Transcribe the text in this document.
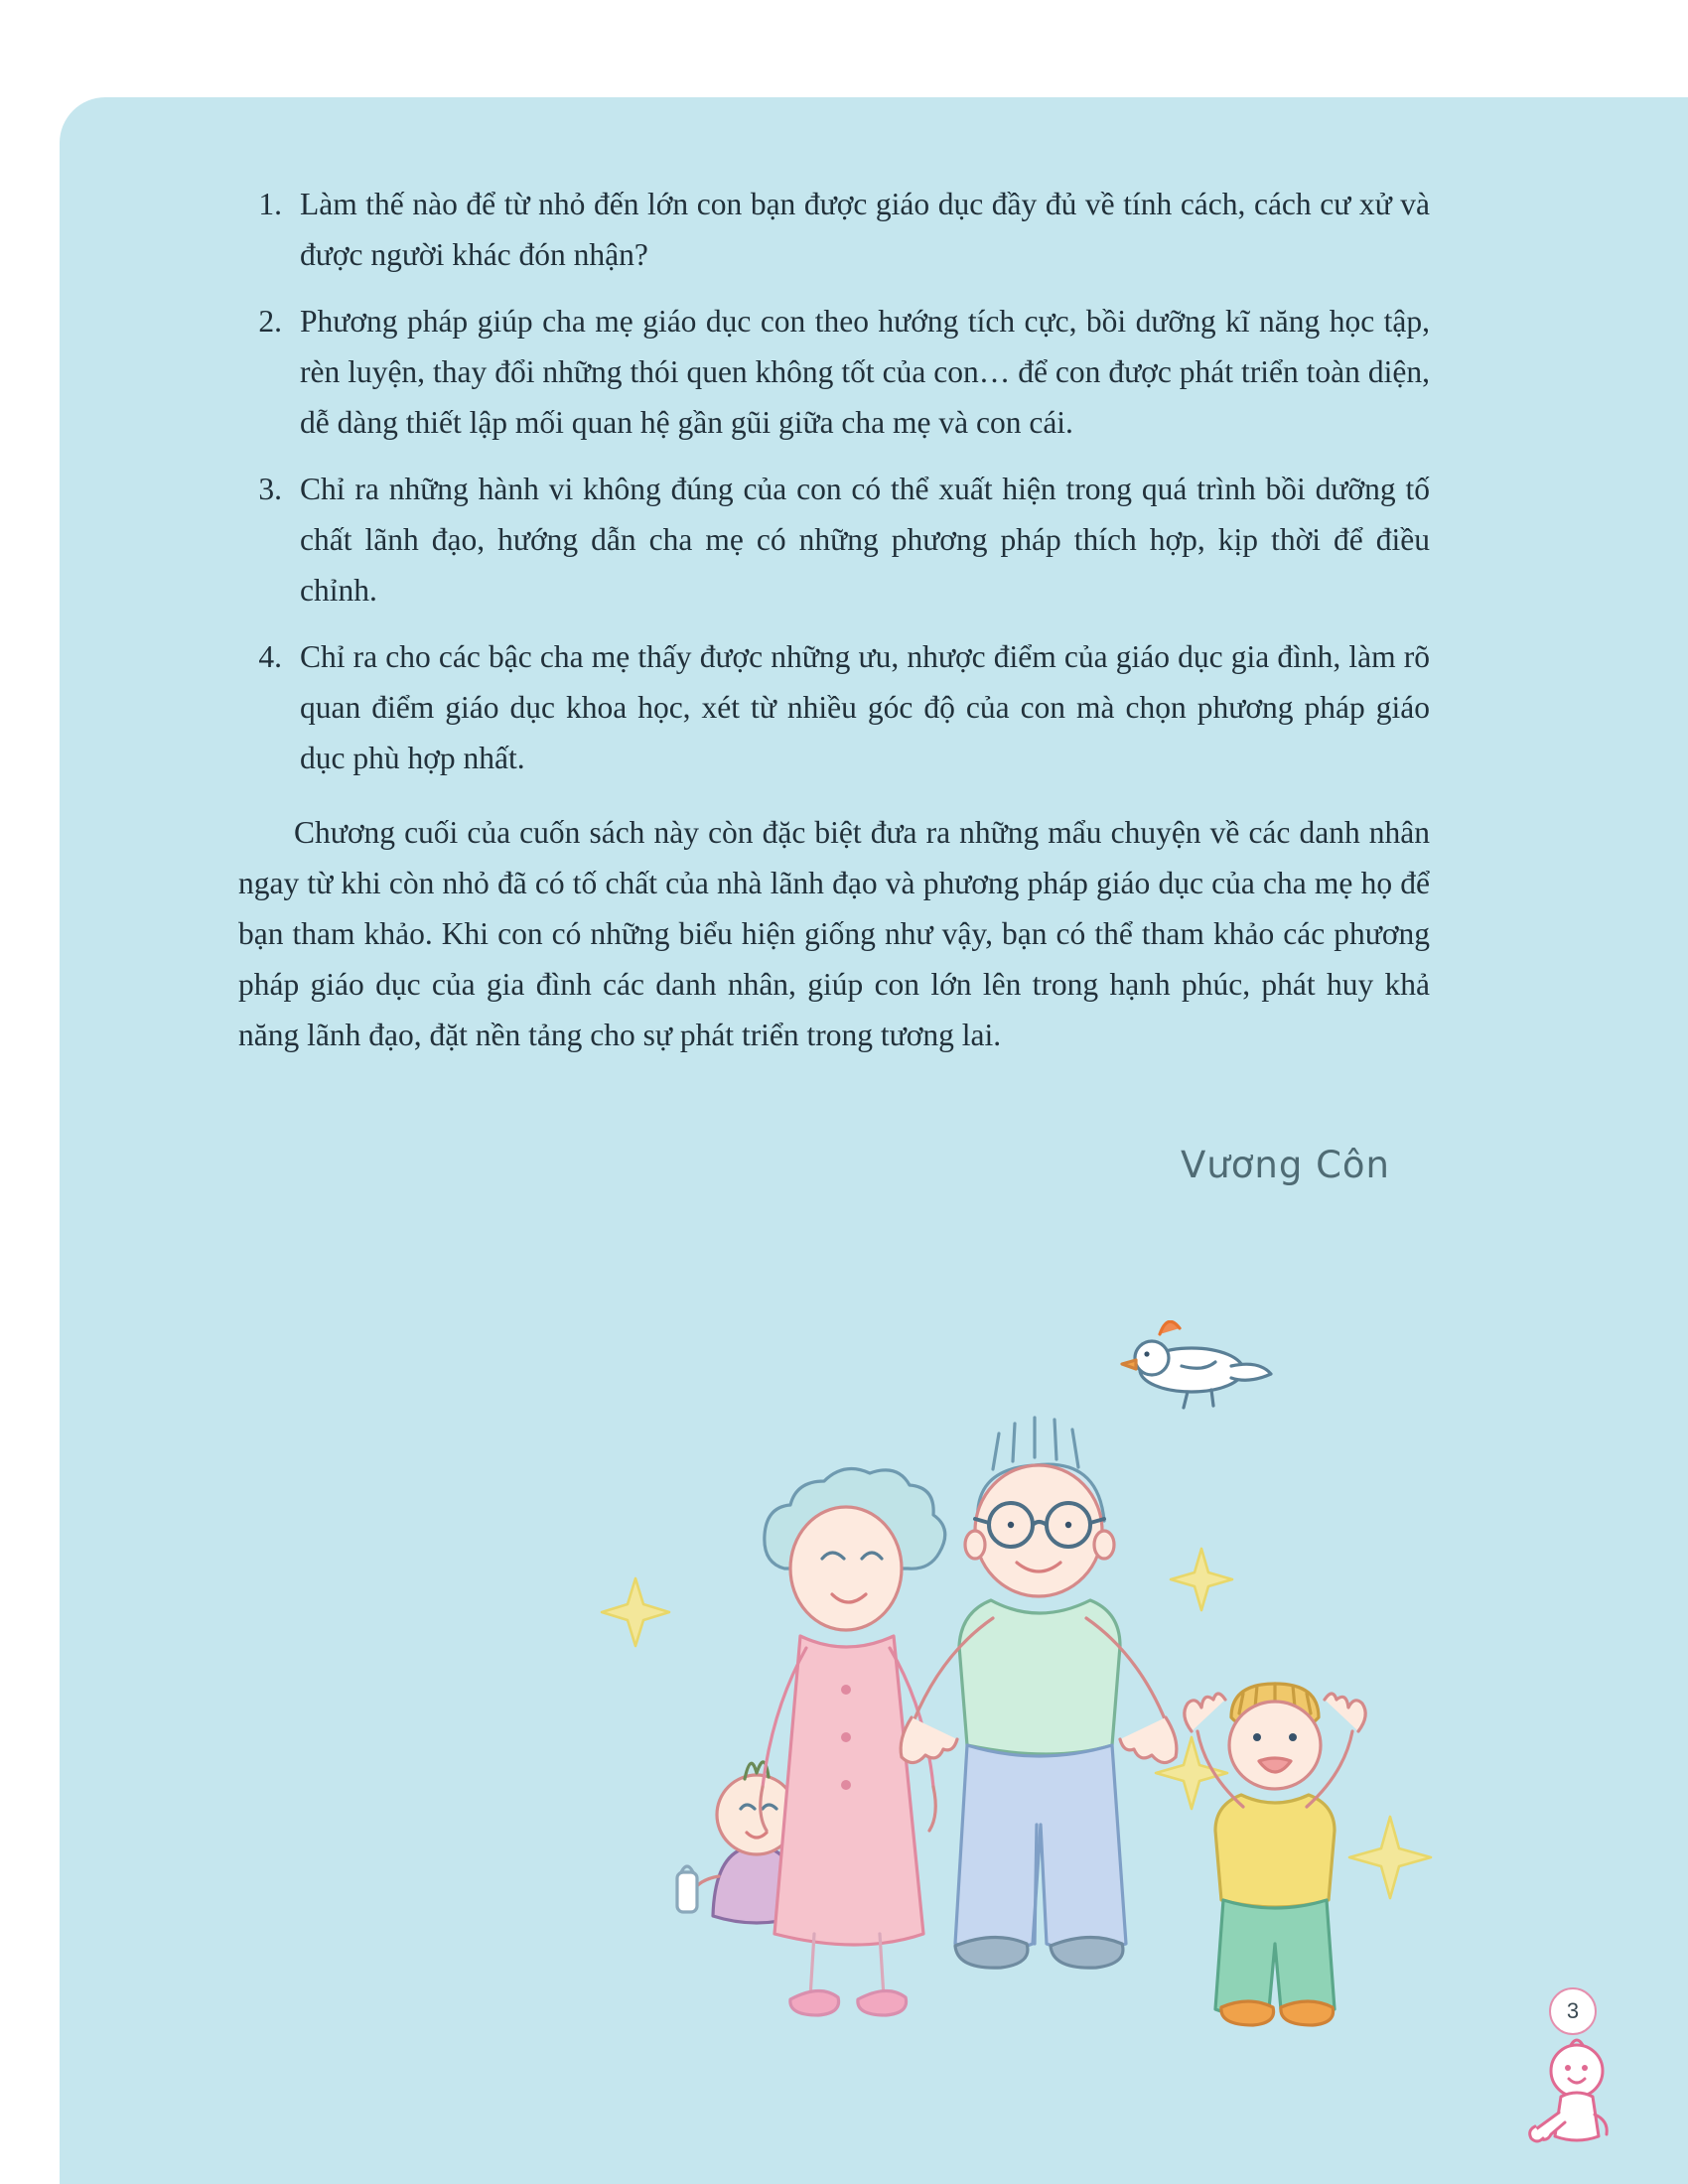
1. Làm thế nào để từ nhỏ đến lớn con bạn được giáo dục đầy đủ về tính cách, cách cư xử và được người khác đón nhận?
2. Phương pháp giúp cha mẹ giáo dục con theo hướng tích cực, bồi dưỡng kĩ năng học tập, rèn luyện, thay đổi những thói quen không tốt của con… để con được phát triển toàn diện, dễ dàng thiết lập mối quan hệ gần gũi giữa cha mẹ và con cái.
3. Chỉ ra những hành vi không đúng của con có thể xuất hiện trong quá trình bồi dưỡng tố chất lãnh đạo, hướng dẫn cha mẹ có những phương pháp thích hợp, kịp thời để điều chỉnh.
4. Chỉ ra cho các bậc cha mẹ thấy được những ưu, nhược điểm của giáo dục gia đình, làm rõ quan điểm giáo dục khoa học, xét từ nhiều góc độ của con mà chọn phương pháp giáo dục phù hợp nhất.

Chương cuối của cuốn sách này còn đặc biệt đưa ra những mẩu chuyện về các danh nhân ngay từ khi còn nhỏ đã có tố chất của nhà lãnh đạo và phương pháp giáo dục của cha mẹ họ để bạn tham khảo. Khi con có những biểu hiện giống như vậy, bạn có thể tham khảo các phương pháp giáo dục của gia đình các danh nhân, giúp con lớn lên trong hạnh phúc, phát huy khả năng lãnh đạo, đặt nền tảng cho sự phát triển trong tương lai.

Vương Côn
3
